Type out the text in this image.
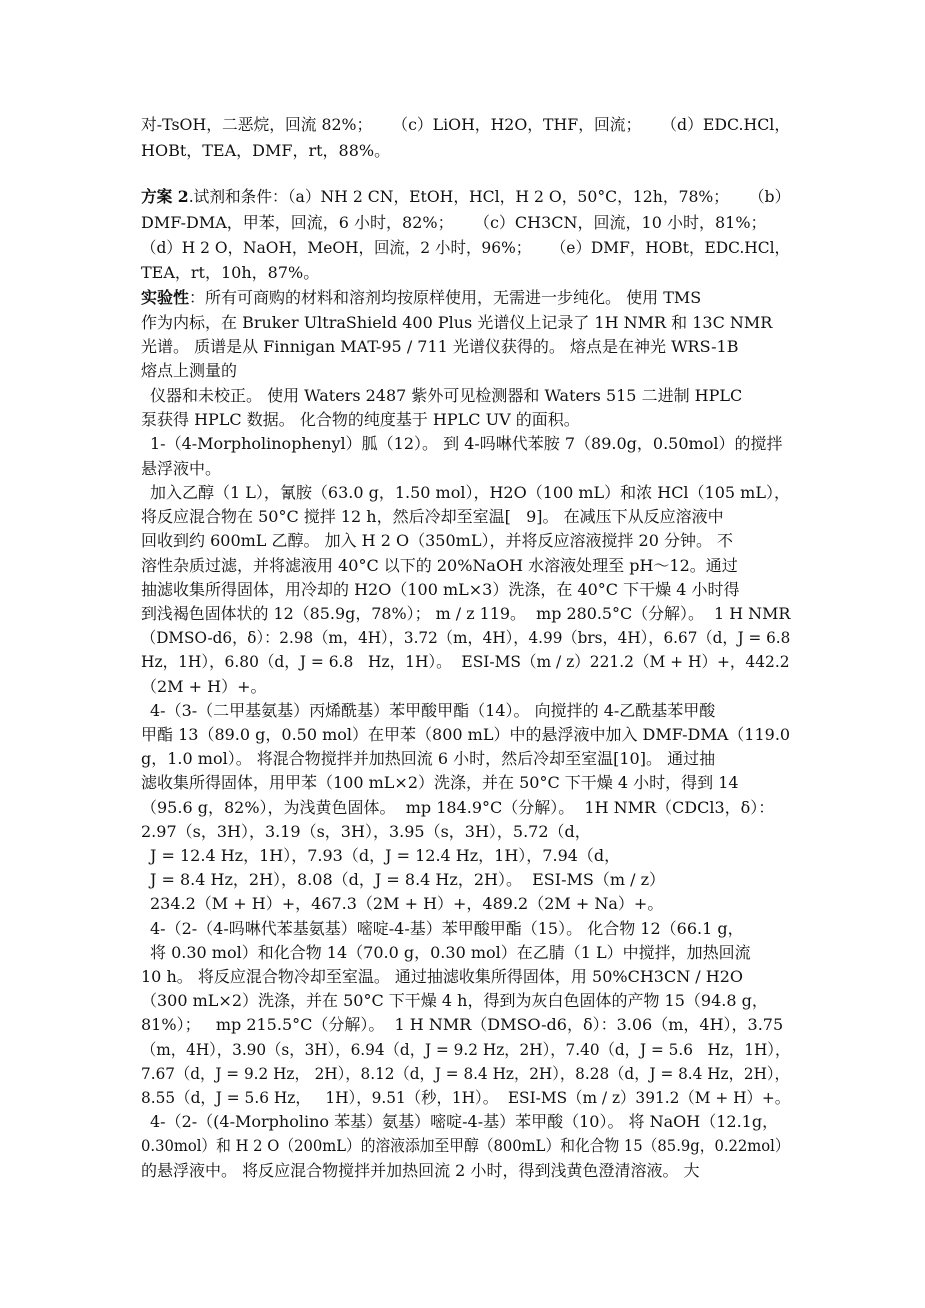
对-TsOH，二恶烷，回流 82%；    （c）LiOH，H2O，THF，回流；    （d）EDC.HCl，

HOBt，TEA，DMF，rt，88%。

方案 2.试剂和条件：（a）NH 2 CN，EtOH，HCl，H 2 O，50°C，12h，78%；    （b）

DMF-DMA，甲苯，回流，6 小时，82%；    （c）CH3CN，回流，10 小时，81%；

（d）H 2 O，NaOH，MeOH，回流，2 小时，96%；    （e）DMF，HOBt，EDC.HCl，

TEA，rt，10h，87%。

实验性：所有可商购的材料和溶剂均按原样使用，无需进一步纯化。 使用 TMS

作为内标，在 Bruker UltraShield 400 Plus 光谱仪上记录了 1H NMR 和 13C NMR

光谱。 质谱是从 Finnigan MAT-95 / 711 光谱仪获得的。 熔点是在神光 WRS-1B

熔点上测量的

仪器和未校正。 使用 Waters 2487 紫外可见检测器和 Waters 515 二进制 HPLC

泵获得 HPLC 数据。 化合物的纯度基于 HPLC UV 的面积。

1-（4-Morpholinophenyl）胍（12）。 到 4-吗啉代苯胺 7（89.0g，0.50mol）的搅拌

悬浮液中。

加入乙醇（1 L），氰胺（63.0 g，1.50 mol），H2O（100 mL）和浓 HCl（105 mL），

将反应混合物在 50°C 搅拌 12 h，然后冷却至室温[   9]。 在减压下从反应溶液中

回收到约 600mL 乙醇。 加入 H 2 O（350mL），并将反应溶液搅拌 20 分钟。 不

溶性杂质过滤，并将滤液用 40°C 以下的 20%NaOH 水溶液处理至 pH～12。通过

抽滤收集所得固体，用冷却的 H2O（100 mL×3）洗涤，在 40°C 下干燥 4 小时得

到浅褐色固体状的 12（85.9g，78%）； m / z 119。  mp 280.5°C（分解）。  1 H NMR

（DMSO-d6，δ）：2.98（m，4H），3.72（m，4H），4.99（brs，4H），6.67（d，J = 6.8

Hz，1H），6.80（d，J = 6.8   Hz，1H）。  ESI-MS（m / z）221.2（M + H）+，442.2

（2M + H）+。

4-（3-（二甲基氨基）丙烯酰基）苯甲酸甲酯（14）。 向搅拌的 4-乙酰基苯甲酸

甲酯 13（89.0 g，0.50 mol）在甲苯（800 mL）中的悬浮液中加入 DMF-DMA（119.0

g，1.0 mol）。 将混合物搅拌并加热回流 6 小时，然后冷却至室温[10]。 通过抽

滤收集所得固体，用甲苯（100 mL×2）洗涤，并在 50°C 下干燥 4 小时，得到 14

（95.6 g，82%），为浅黄色固体。  mp 184.9°C（分解）。  1H NMR（CDCl3，δ）：

2.97（s，3H），3.19（s，3H），3.95（s，3H），5.72（d，

J = 12.4 Hz，1H），7.93（d，J = 12.4 Hz，1H），7.94（d，

J = 8.4 Hz，2H），8.08（d，J = 8.4 Hz，2H）。  ESI-MS（m / z）

234.2（M + H）+，467.3（2M + H）+，489.2（2M + Na）+。

4-（2-（4-吗啉代苯基氨基）嘧啶-4-基）苯甲酸甲酯（15）。 化合物 12（66.1 g，

将 0.30 mol）和化合物 14（70.0 g，0.30 mol）在乙腈（1 L）中搅拌，加热回流

10 h。 将反应混合物冷却至室温。 通过抽滤收集所得固体，用 50%CH3CN / H2O

（300 mL×2）洗涤，并在 50°C 下干燥 4 h，得到为灰白色固体的产物 15（94.8 g，

81%）；   mp 215.5°C（分解）。  1 H NMR（DMSO-d6，δ）：3.06（m，4H），3.75

（m，4H），3.90（s，3H），6.94（d，J = 9.2 Hz，2H），7.40（d，J = 5.6   Hz，1H），

7.67（d，J = 9.2 Hz， 2H），8.12（d，J = 8.4 Hz，2H），8.28（d，J = 8.4 Hz，2H），

8.55（d，J = 5.6 Hz，   1H），9.51（秒，1H）。  ESI-MS（m / z）391.2（M + H）+。

4-（2-（(4-Morpholino 苯基）氨基）嘧啶-4-基）苯甲酸（10）。 将 NaOH（12.1g，

0.30mol）和 H 2 O（200mL）的溶液添加至甲醇（800mL）和化合物 15（85.9g，0.22mol）

的悬浮液中。 将反应混合物搅拌并加热回流 2 小时，得到浅黄色澄清溶液。 大
